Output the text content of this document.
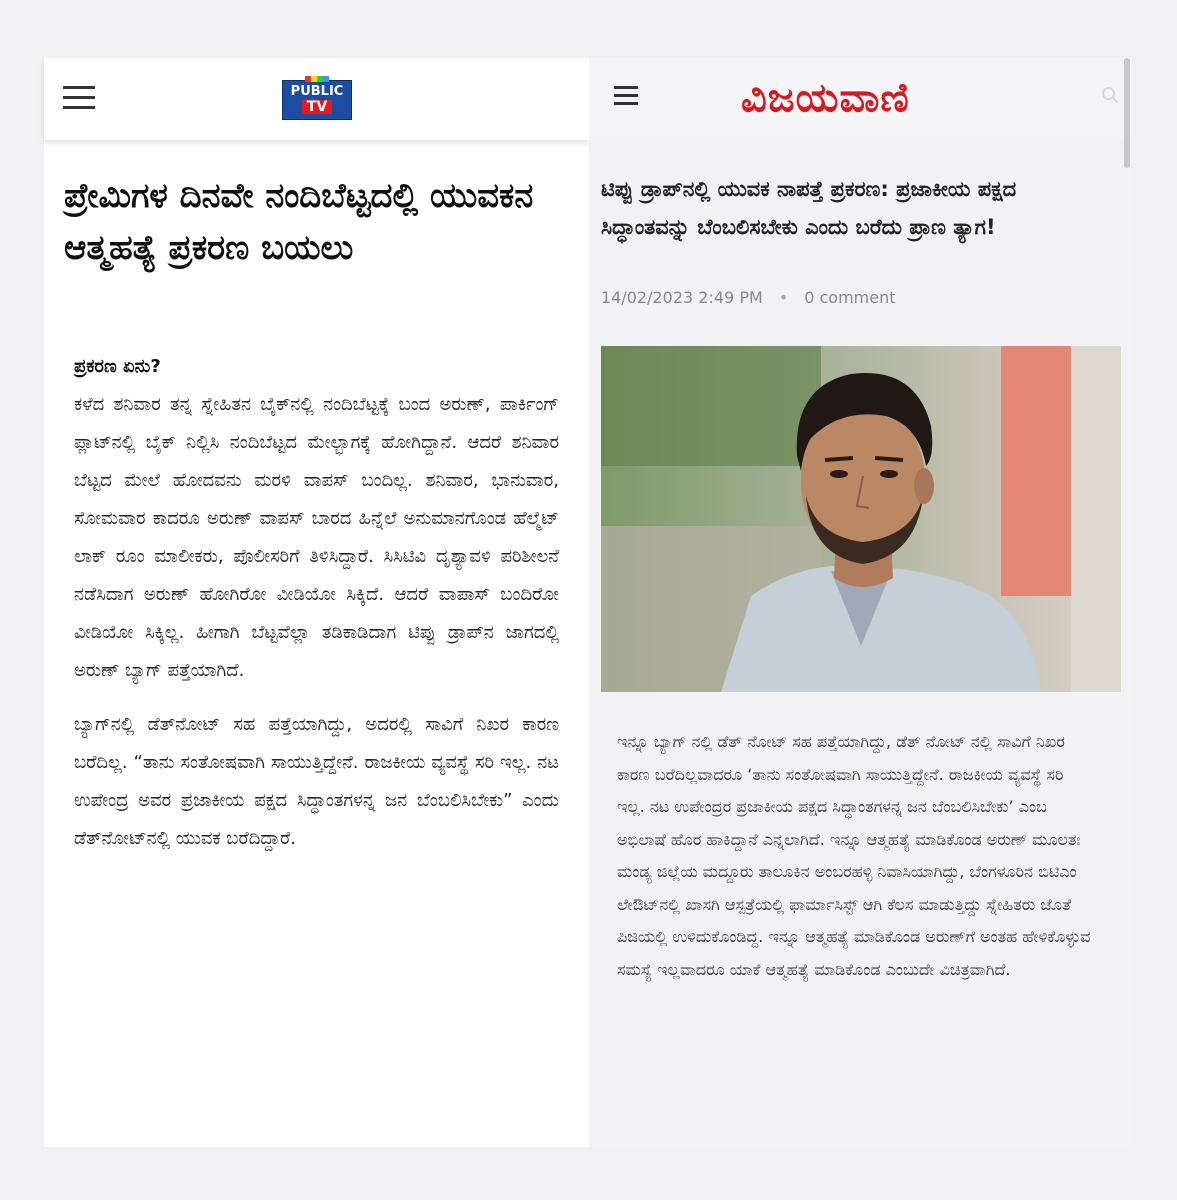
PUBLIC
TV
ಪ್ರೇಮಿಗಳ ದಿನವೇ ನಂದಿಬೆಟ್ಟದಲ್ಲಿ ಯುವಕನ ಆತ್ಮಹತ್ಯೆ ಪ್ರಕರಣ ಬಯಲು
ಪ್ರಕರಣ ಏನು?

ಕಳೆದ ಶನಿವಾರ ತನ್ನ ಸ್ನೇಹಿತನ ಬೈಕ್‌ನಲ್ಲಿ ನಂದಿಬೆಟ್ಟಕ್ಕೆ ಬಂದ ಅರುಣ್, ಪಾರ್ಕಿಂಗ್ ಪ್ಲಾಟ್‌ನಲ್ಲಿ ಬೈಕ್ ನಿಲ್ಲಿಸಿ ನಂದಿಬೆಟ್ಟದ ಮೇಲ್ಭಾಗಕ್ಕೆ ಹೋಗಿದ್ದಾನೆ. ಆದರೆ ಶನಿವಾರ ಬೆಟ್ಟದ ಮೇಲೆ ಹೋದವನು ಮರಳಿ ವಾಪಸ್ ಬಂದಿಲ್ಲ. ಶನಿವಾರ, ಭಾನುವಾರ, ಸೋಮವಾರ ಕಾದರೂ ಅರುಣ್ ವಾಪಸ್ ಬಾರದ ಹಿನ್ನೆಲೆ ಅನುಮಾನಗೊಂಡ ಹೆಲ್ಮೆಟ್ ಲಾಕ್ ರೂಂ ಮಾಲೀಕರು, ಪೊಲೀಸರಿಗೆ ತಿಳಿಸಿದ್ದಾರೆ. ಸಿಸಿಟಿವಿ ದೃಶ್ಯಾವಳಿ ಪರಿಶೀಲನೆ ನಡೆಸಿದಾಗ ಅರುಣ್ ಹೋಗಿರೋ ವೀಡಿಯೋ ಸಿಕ್ಕಿದೆ. ಆದರೆ ವಾಪಾಸ್ ಬಂದಿರೋ ವೀಡಿಯೋ ಸಿಕ್ಕಿಲ್ಲ. ಹೀಗಾಗಿ ಬೆಟ್ಟವೆಲ್ಲಾ ತಡಿಕಾಡಿದಾಗ ಟಿಪ್ಪು ಡ್ರಾಪ್‌ನ ಜಾಗದಲ್ಲಿ ಅರುಣ್ ಬ್ಯಾಗ್ ಪತ್ತೆಯಾಗಿದೆ.

ಬ್ಯಾಗ್‌ನಲ್ಲಿ ಡೆತ್‌ನೋಟ್ ಸಹ ಪತ್ತೆಯಾಗಿದ್ದು, ಅದರಲ್ಲಿ ಸಾವಿಗೆ ನಿಖರ ಕಾರಣ ಬರೆದಿಲ್ಲ. “ತಾನು ಸಂತೋಷವಾಗಿ ಸಾಯುತ್ತಿದ್ದೇನೆ. ರಾಜಕೀಯ ವ್ಯವಸ್ಥೆ ಸರಿ ಇಲ್ಲ. ನಟ ಉಪೇಂದ್ರ ಅವರ ಪ್ರಜಾಕೀಯ ಪಕ್ಷದ ಸಿದ್ಧಾಂತಗಳನ್ನ ಜನ ಬೆಂಬಲಿಸಿಬೇಕು” ಎಂದು ಡೆತ್‌ನೋಟ್‌ನಲ್ಲಿ ಯುವಕ ಬರೆದಿದ್ದಾರೆ.

ವಿಜಯವಾಣಿ
ಟಿಪ್ಪು ಡ್ರಾಪ್‌ನಲ್ಲಿ ಯುವಕ ನಾಪತ್ತೆ ಪ್ರಕರಣ: ಪ್ರಜಾಕೀಯ ಪಕ್ಷದ ಸಿದ್ಧಾಂತವನ್ನು ಬೆಂಬಲಿಸಬೇಕು ಎಂದು ಬರೆದು ಪ್ರಾಣ ತ್ಯಾಗ!
14/02/2023 2:49 PM • 0 comment

ಇನ್ನೂ ಬ್ಯಾಗ್ ನಲ್ಲಿ ಡೆತ್ ನೋಟ್ ಸಹ ಪತ್ತೆಯಾಗಿದ್ದು, ಡೆತ್ ನೋಟ್ ನಲ್ಲಿ ಸಾವಿಗೆ ನಿಖರ ಕಾರಣ ಬರೆದಿಲ್ಲವಾದರೂ ‘ತಾನು ಸಂತೋಷವಾಗಿ ಸಾಯುತ್ತಿದ್ದೇನೆ. ರಾಜಕೀಯ ವ್ಯವಸ್ಥೆ ಸರಿ ಇಲ್ಲ. ನಟ ಉಪೇಂದ್ರರ ಪ್ರಜಾಕೀಯ ಪಕ್ಷದ ಸಿದ್ಧಾಂತಗಳನ್ನ ಜನ ಬೆಂಬಲಿಸಿಬೇಕು’ ಎಂಬ ಅಭಿಲಾಷೆ ಹೊರ ಹಾಕಿದ್ದಾನೆ ಎನ್ನಲಾಗಿದೆ. ಇನ್ನೂ ಆತ್ಮಹತ್ಯೆ ಮಾಡಿಕೊಂಡ ಅರುಣ್ ಮೂಲತಃ ಮಂಡ್ಯ ಜಿಲ್ಲೆಯ ಮದ್ದೂರು ತಾಲೂಕಿನ ಅಂಬರಹಳ್ಳಿ ನಿವಾಸಿಯಾಗಿದ್ದು, ಬೆಂಗಳೂರಿನ ಬಿಟಿಎಂ ಲೇಔಟ್‌ನಲ್ಲಿ ಖಾಸಗಿ ಆಸ್ಪತ್ರೆಯಲ್ಲಿ ಫಾರ್ಮಾಸಿಸ್ಟ್ ಆಗಿ ಕೆಲಸ ಮಾಡುತ್ತಿದ್ದು ಸ್ನೇಹಿತರು ಜೊತೆ ಪಿಜಿಯಲ್ಲಿ ಉಳಿದುಕೊಂಡಿದ್ದ. ಇನ್ನೂ ಆತ್ಮಹತ್ಯೆ ಮಾಡಿಕೊಂಡ ಅರುಣ್‌ಗೆ ಅಂತಹ ಹೇಳಿಕೊಳ್ಳುವ ಸಮಸ್ಯೆ ಇಲ್ಲವಾದರೂ ಯಾಕೆ ಆತ್ಮಹತ್ಯೆ ಮಾಡಿಕೊಂಡ ಎಂಬುದೇ ವಿಚಿತ್ರವಾಗಿದೆ.
